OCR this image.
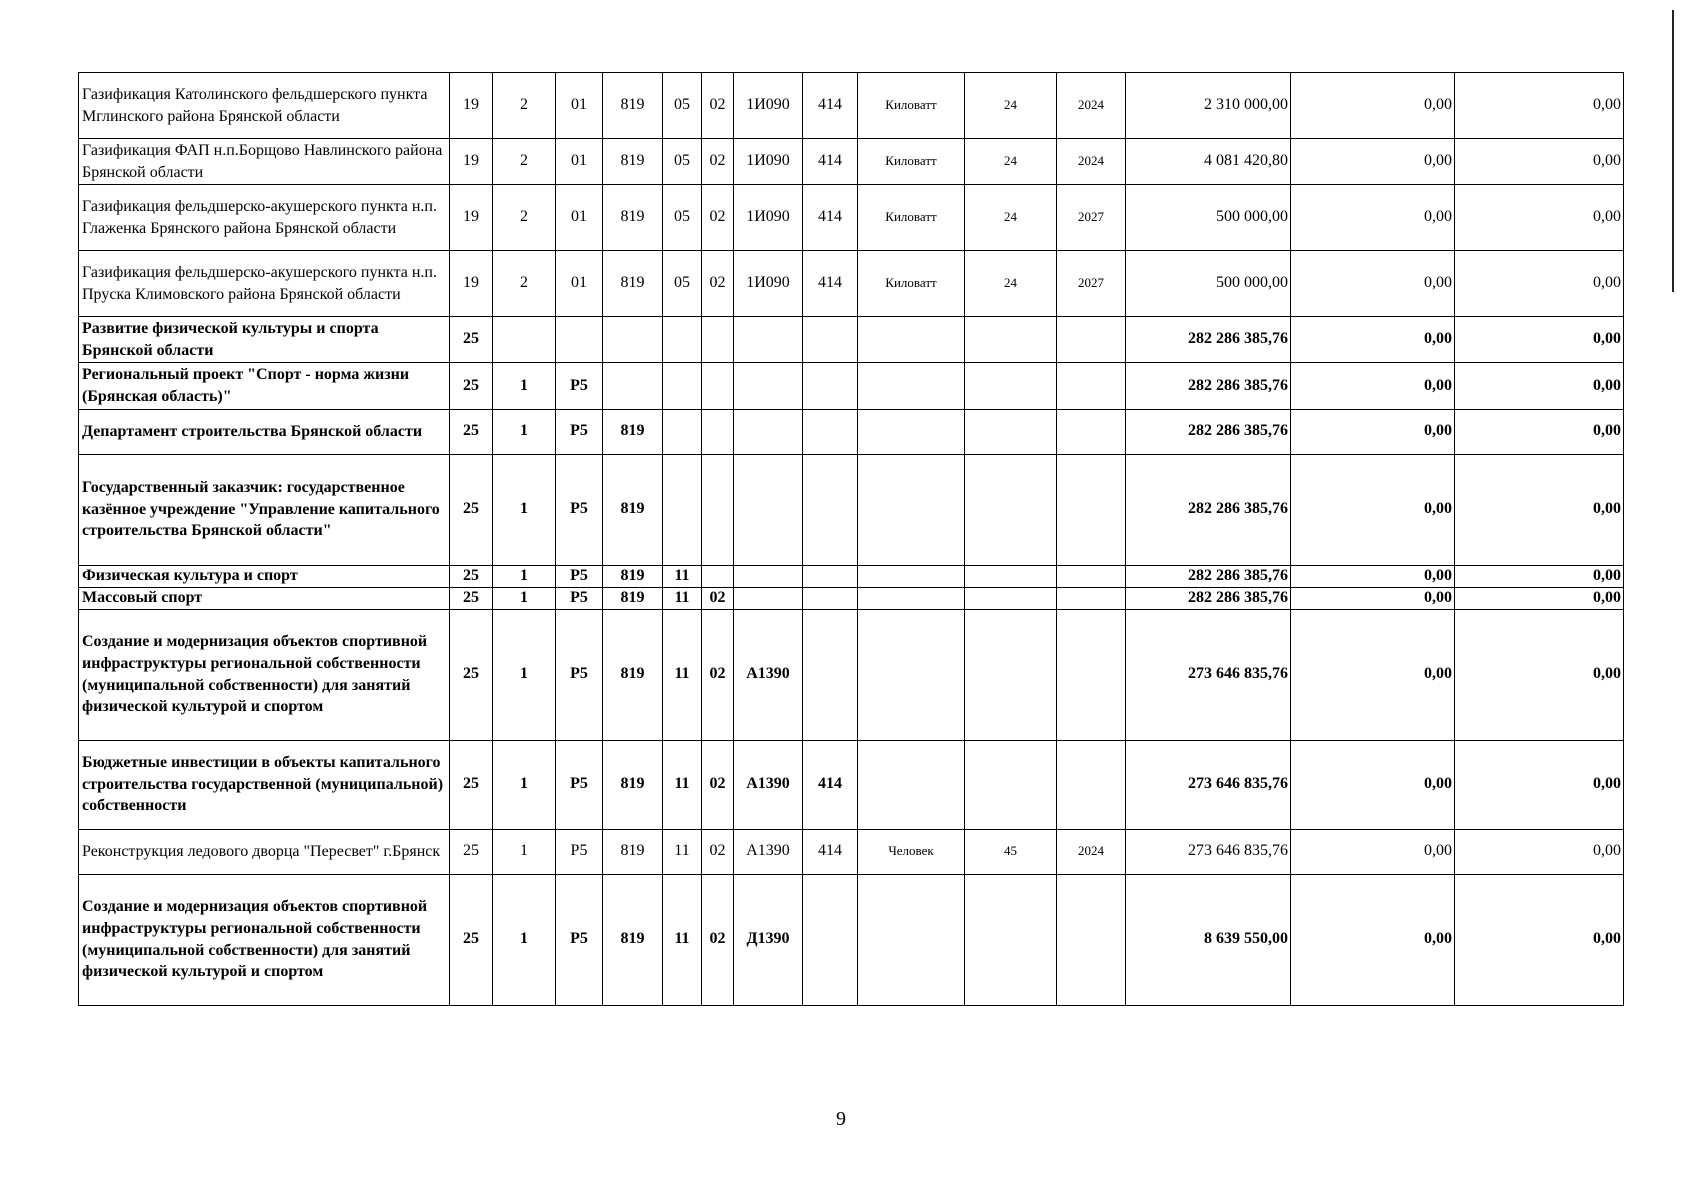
Газификация Католинского фельдшерского пункта Мглинского района Брянской области	19	2	01	819	05	02	1И090	414	Киловатт	24	2024	2 310 000,00	0,00	0,00
Газификация ФАП н.п.Борщово Навлинского района Брянской области	19	2	01	819	05	02	1И090	414	Киловатт	24	2024	4 081 420,80	0,00	0,00
Газификация фельдшерско-акушерского пункта н.п. Глаженка Брянского района Брянской области	19	2	01	819	05	02	1И090	414	Киловатт	24	2027	500 000,00	0,00	0,00
Газификация фельдшерско-акушерского пункта н.п. Пруска Климовского района Брянской области	19	2	01	819	05	02	1И090	414	Киловатт	24	2027	500 000,00	0,00	0,00
Развитие физической культуры и спорта Брянской области	25											282 286 385,76	0,00	0,00
Региональный проект "Спорт - норма жизни (Брянская область)"	25	1	Р5									282 286 385,76	0,00	0,00
Департамент строительства Брянской области	25	1	Р5	819								282 286 385,76	0,00	0,00
Государственный заказчик: государственное казённое учреждение "Управление капитального строительства Брянской области"	25	1	Р5	819								282 286 385,76	0,00	0,00
Физическая культура и спорт	25	1	Р5	819	11							282 286 385,76	0,00	0,00
Массовый спорт	25	1	Р5	819	11	02						282 286 385,76	0,00	0,00
Создание и модернизация объектов спортивной инфраструктуры региональной собственности (муниципальной собственности) для занятий физической культурой и спортом	25	1	Р5	819	11	02	А1390					273 646 835,76	0,00	0,00
Бюджетные инвестиции в объекты капитального строительства государственной (муниципальной) собственности	25	1	Р5	819	11	02	А1390	414				273 646 835,76	0,00	0,00
Реконструкция ледового дворца "Пересвет" г.Брянск	25	1	Р5	819	11	02	А1390	414	Человек	45	2024	273 646 835,76	0,00	0,00
Создание и модернизация объектов спортивной инфраструктуры региональной собственности (муниципальной собственности) для занятий физической культурой и спортом	25	1	Р5	819	11	02	Д1390					8 639 550,00	0,00	0,00
9
